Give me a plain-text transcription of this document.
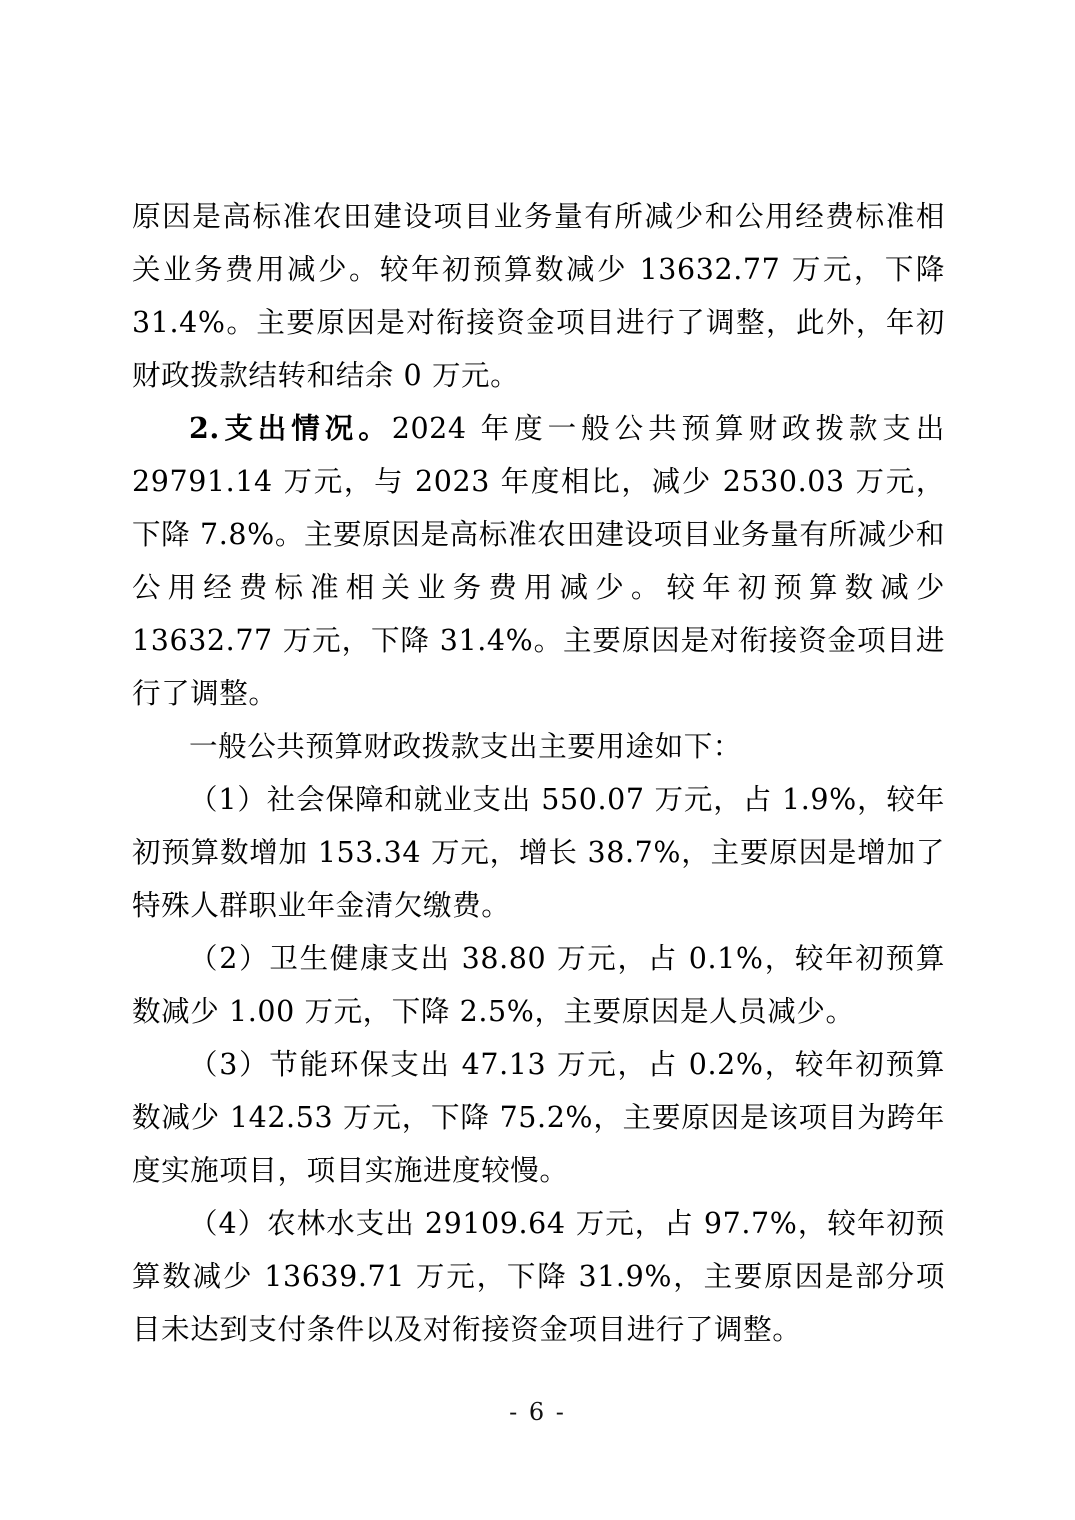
原因是高标准农田建设项目业务量有所减少和公用经费标准相关业务费用减少。较年初预算数减少 13632.77 万元，下降 31.4%。主要原因是对衔接资金项目进行了调整，此外，年初财政拨款结转和结余 0 万元。

2.支出情况。2024 年度一般公共预算财政拨款支出 29791.14 万元，与 2023 年度相比，减少 2530.03 万元，下降 7.8%。主要原因是高标准农田建设项目业务量有所减少和公用经费标准相关业务费用减少。较年初预算数减少 13632.77 万元，下降 31.4%。主要原因是对衔接资金项目进行了调整。

一般公共预算财政拨款支出主要用途如下：

（1）社会保障和就业支出 550.07 万元，占 1.9%，较年初预算数增加 153.34 万元，增长 38.7%，主要原因是增加了特殊人群职业年金清欠缴费。

（2）卫生健康支出 38.80 万元，占 0.1%，较年初预算数减少 1.00 万元，下降 2.5%，主要原因是人员减少。

（3）节能环保支出 47.13 万元，占 0.2%，较年初预算数减少 142.53 万元，下降 75.2%，主要原因是该项目为跨年度实施项目，项目实施进度较慢。

（4）农林水支出 29109.64 万元，占 97.7%，较年初预算数减少 13639.71 万元，下降 31.9%，主要原因是部分项目未达到支付条件以及对衔接资金项目进行了调整。

- 6 -
